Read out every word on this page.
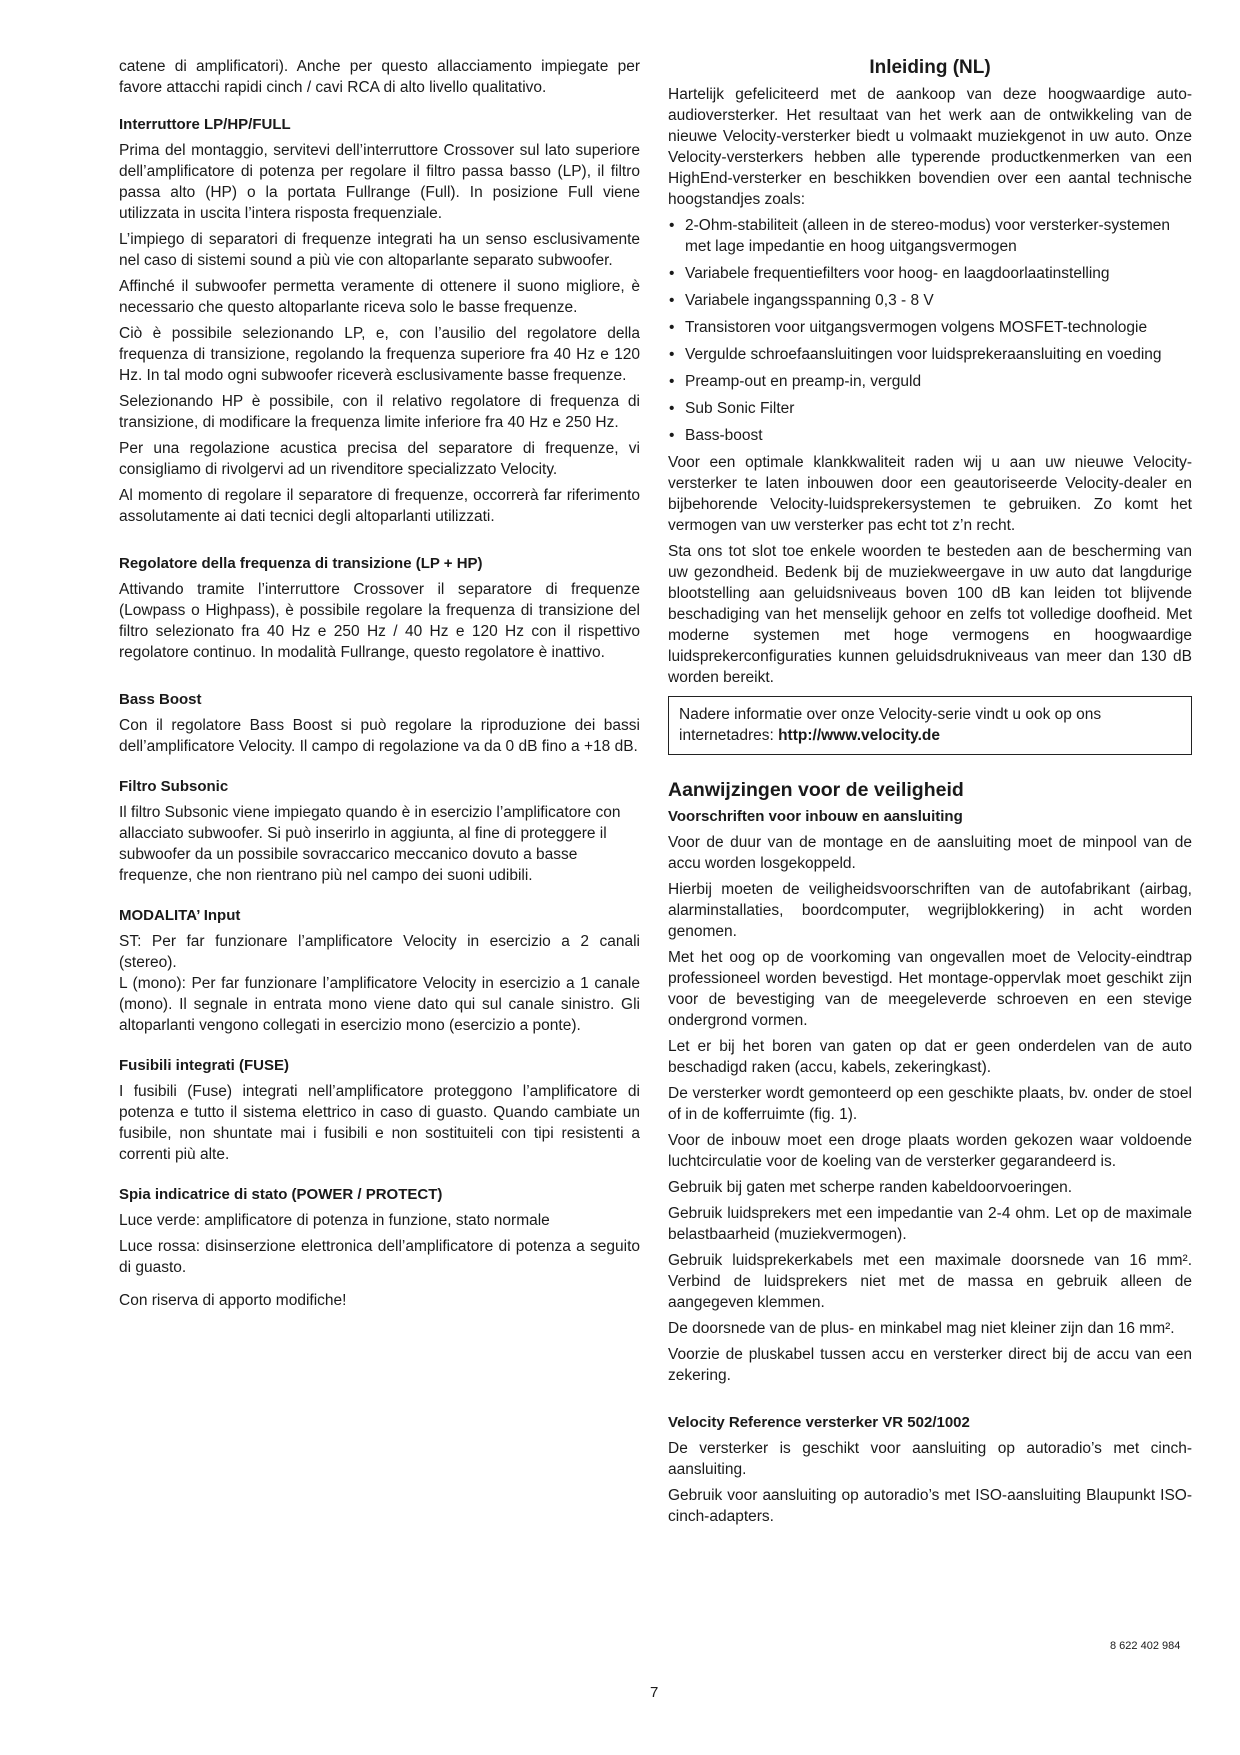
catene di amplificatori). Anche per questo allacciamento impiegate per favore attacchi rapidi cinch / cavi RCA di alto livello qualitativo.

Interruttore LP/HP/FULL

Prima del montaggio, servitevi dell’interruttore Crossover sul lato superiore dell’amplificatore di potenza per regolare il filtro passa basso (LP), il filtro passa alto (HP) o la portata Fullrange (Full). In posizione Full viene utilizzata in uscita l’intera risposta frequenziale.

L’impiego di separatori di frequenze integrati ha un senso esclusivamente nel caso di sistemi sound a più vie con altoparlante separato subwoofer.

Affinché il subwoofer permetta veramente di ottenere il suono migliore, è necessario che questo altoparlante riceva solo le basse frequenze.

Ciò è possibile selezionando LP, e, con l’ausilio del regolatore della frequenza di transizione, regolando la frequenza superiore fra 40 Hz e 120 Hz. In tal modo ogni subwoofer riceverà esclusivamente basse frequenze.

Selezionando HP è possibile, con il relativo regolatore di frequenza di transizione, di modificare la frequenza limite inferiore fra 40 Hz e 250 Hz.

Per una regolazione acustica precisa del separatore di frequenze, vi consigliamo di rivolgervi ad un rivenditore specializzato Velocity.

Al momento di regolare il separatore di frequenze, occorrerà far riferimento assolutamente ai dati tecnici degli altoparlanti utilizzati.

Regolatore della frequenza di transizione (LP + HP)

Attivando tramite l’interruttore Crossover il separatore di frequenze (Lowpass o Highpass), è possibile regolare la frequenza di transizione del filtro selezionato fra 40 Hz e 250 Hz / 40 Hz e 120 Hz con il rispettivo regolatore continuo. In modalità Fullrange, questo regolatore è inattivo.

Bass Boost

Con il regolatore Bass Boost si può regolare la riproduzione dei bassi dell’amplificatore Velocity. Il campo di regolazione va da 0 dB fino a +18 dB.

Filtro Subsonic

Il filtro Subsonic viene impiegato quando è in esercizio l’amplificatore con allacciato subwoofer. Si può inserirlo in aggiunta, al fine di proteggere il subwoofer da un possibile sovraccarico meccanico dovuto a basse frequenze, che non rientrano più nel campo dei suoni udibili.

MODALITA’ Input

ST: Per far funzionare l’amplificatore Velocity in esercizio a 2 canali (stereo).

L (mono): Per far funzionare l’amplificatore Velocity in esercizio a 1 canale (mono). Il segnale in entrata mono viene dato qui sul canale sinistro. Gli altoparlanti vengono collegati in esercizio mono (esercizio a ponte).

Fusibili integrati (FUSE)

I fusibili (Fuse) integrati nell’amplificatore proteggono l’amplificatore di potenza e tutto il sistema elettrico in caso di guasto. Quando cambiate un fusibile, non shuntate mai i fusibili e non sostituiteli con tipi resistenti a correnti più alte.

Spia indicatrice di stato (POWER / PROTECT)

Luce verde: amplificatore di potenza in funzione, stato normale

Luce rossa: disinserzione elettronica dell’amplificatore di potenza a seguito di guasto.

Con riserva di apporto modifiche!

Inleiding (NL)

Hartelijk gefeliciteerd met de aankoop van deze hoogwaardige auto-audioversterker. Het resultaat van het werk aan de ontwikkeling van de nieuwe Velocity-versterker biedt u volmaakt muziekgenot in uw auto. Onze Velocity-versterkers hebben alle typerende productkenmerken van een HighEnd-versterker en beschikken bovendien over een aantal technische hoogstandjes zoals:

• 2-Ohm-stabiliteit (alleen in de stereo-modus) voor versterker-systemen met lage impedantie en hoog uitgangsvermogen
• Variabele frequentiefilters voor hoog- en laagdoorlaatinstelling
• Variabele ingangsspanning 0,3 - 8 V
• Transistoren voor uitgangsvermogen volgens MOSFET-technologie
• Vergulde schroefaansluitingen voor luidsprekeraansluiting en voeding
• Preamp-out en preamp-in, verguld
• Sub Sonic Filter
• Bass-boost

Voor een optimale klankkwaliteit raden wij u aan uw nieuwe Velocity-versterker te laten inbouwen door een geautoriseerde Velocity-dealer en bijbehorende Velocity-luidsprekersystemen te gebruiken. Zo komt het vermogen van uw versterker pas echt tot z’n recht.

Sta ons tot slot toe enkele woorden te besteden aan de bescherming van uw gezondheid. Bedenk bij de muziekweergave in uw auto dat langdurige blootstelling aan geluidsniveaus boven 100 dB kan leiden tot blijvende beschadiging van het menselijk gehoor en zelfs tot volledige doofheid. Met moderne systemen met hoge vermogens en hoogwaardige luidsprekerconfiguraties kunnen geluidsdrukniveaus van meer dan 130 dB worden bereikt.

Nadere informatie over onze Velocity-serie vindt u ook op ons internetadres: http://www.velocity.de
Aanwijzingen voor de veiligheid
Voorschriften voor inbouw en aansluiting

Voor de duur van de montage en de aansluiting moet de minpool van de accu worden losgekoppeld.

Hierbij moeten de veiligheidsvoorschriften van de autofabrikant (airbag, alarminstallaties, boordcomputer, wegrijblokkering) in acht worden genomen.

Met het oog op de voorkoming van ongevallen moet de Velocity-eindtrap professioneel worden bevestigd. Het montage-oppervlak moet geschikt zijn voor de bevestiging van de meegeleverde schroeven en een stevige ondergrond vormen.

Let er bij het boren van gaten op dat er geen onderdelen van de auto beschadigd raken (accu, kabels, zekeringkast).

De versterker wordt gemonteerd op een geschikte plaats, bv. onder de stoel of in de kofferruimte (fig. 1).

Voor de inbouw moet een droge plaats worden gekozen waar voldoende luchtcirculatie voor de koeling van de versterker gegarandeerd is.

Gebruik bij gaten met scherpe randen kabeldoorvoeringen.

Gebruik luidsprekers met een impedantie van 2-4 ohm. Let op de maximale belastbaarheid (muziekvermogen).

Gebruik luidsprekerkabels met een maximale doorsnede van 16 mm². Verbind de luidsprekers niet met de massa en gebruik alleen de aangegeven klemmen.

De doorsnede van de plus- en minkabel mag niet kleiner zijn dan 16 mm².

Voorzie de pluskabel tussen accu en versterker direct bij de accu van een zekering.

Velocity Reference versterker VR 502/1002

De versterker is geschikt voor aansluiting op autoradio’s met cinch-aansluiting.

Gebruik voor aansluiting op autoradio’s met ISO-aansluiting Blaupunkt ISO-cinch-adapters.

8 622 402 984
7
